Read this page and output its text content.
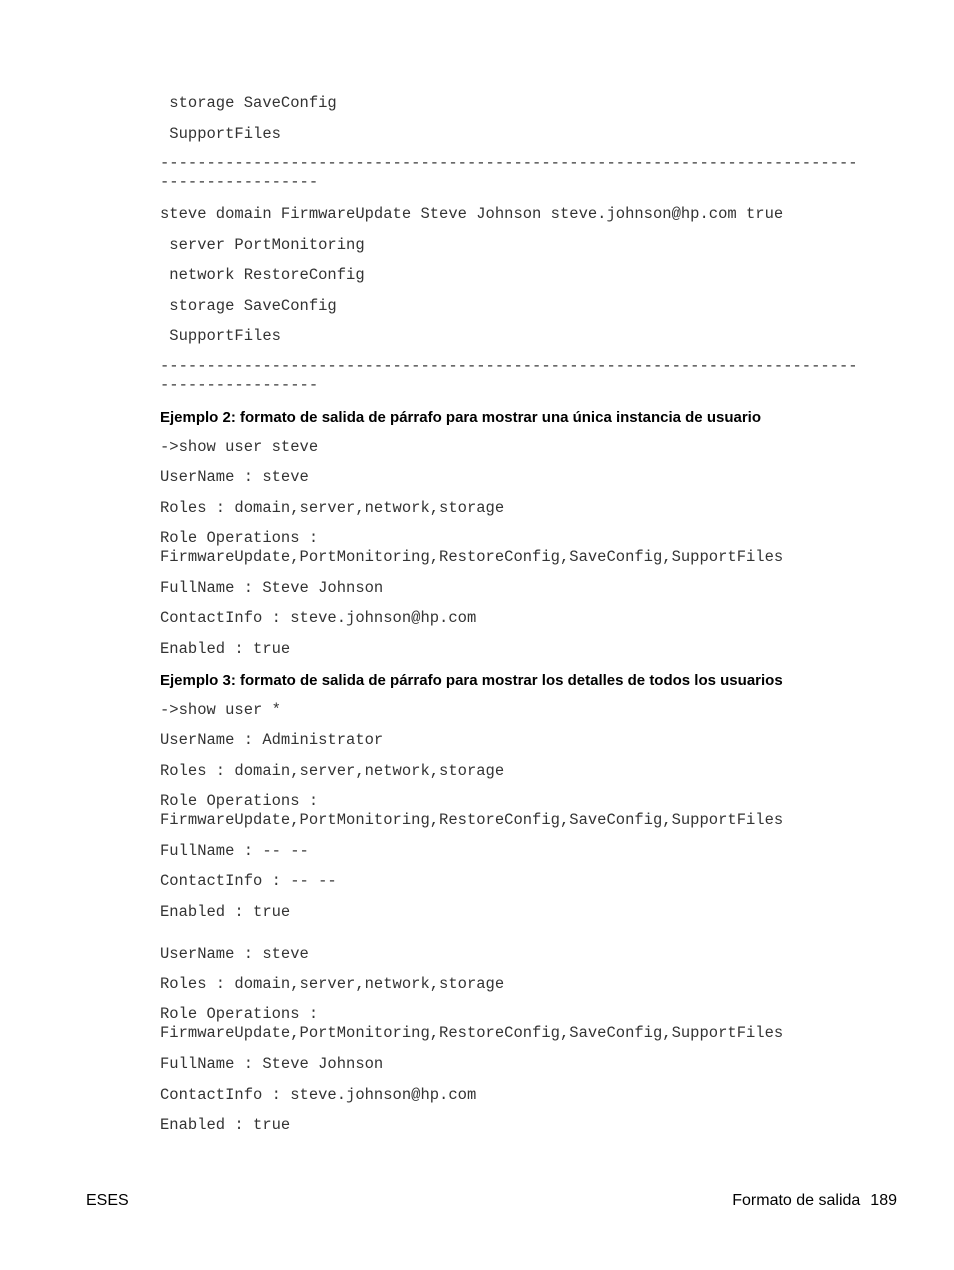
storage SaveConfig
SupportFiles
---------------------------------------------------------------------------
-----------------
steve domain FirmwareUpdate Steve Johnson steve.johnson@hp.com true
server PortMonitoring
network RestoreConfig
storage SaveConfig
SupportFiles
---------------------------------------------------------------------------
-----------------
Ejemplo 2: formato de salida de párrafo para mostrar una única instancia de usuario
->show user steve
UserName : steve
Roles : domain,server,network,storage
Role Operations :
FirmwareUpdate,PortMonitoring,RestoreConfig,SaveConfig,SupportFiles
FullName : Steve Johnson
ContactInfo : steve.johnson@hp.com
Enabled : true
Ejemplo 3: formato de salida de párrafo para mostrar los detalles de todos los usuarios
->show user *
UserName : Administrator
Roles : domain,server,network,storage
Role Operations :
FirmwareUpdate,PortMonitoring,RestoreConfig,SaveConfig,SupportFiles
FullName : -- --
ContactInfo : -- --
Enabled : true
UserName : steve
Roles : domain,server,network,storage
Role Operations :
FirmwareUpdate,PortMonitoring,RestoreConfig,SaveConfig,SupportFiles
FullName : Steve Johnson
ContactInfo : steve.johnson@hp.com
Enabled : true
ESES	Formato de salida 189
